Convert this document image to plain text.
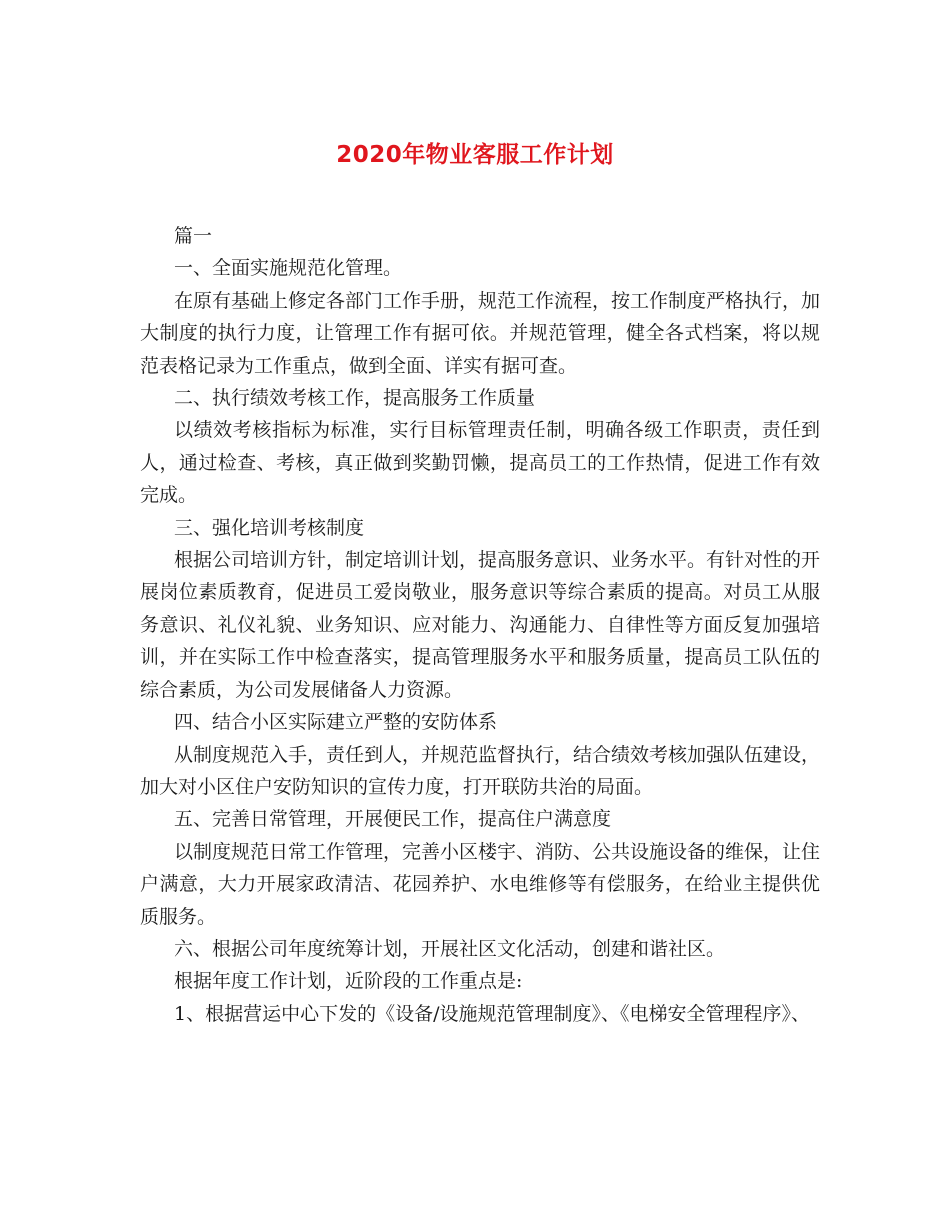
2020年物业客服工作计划

篇一

一、全面实施规范化管理。

在原有基础上修定各部门工作手册，规范工作流程，按工作制度严格执行，加大制度的执行力度，让管理工作有据可依。并规范管理，健全各式档案，将以规范表格记录为工作重点，做到全面、详实有据可查。

二、执行绩效考核工作，提高服务工作质量

以绩效考核指标为标准，实行目标管理责任制，明确各级工作职责，责任到人，通过检查、考核，真正做到奖勤罚懒，提高员工的工作热情，促进工作有效完成。

三、强化培训考核制度

根据公司培训方针，制定培训计划，提高服务意识、业务水平。有针对性的开展岗位素质教育，促进员工爱岗敬业，服务意识等综合素质的提高。对员工从服务意识、礼仪礼貌、业务知识、应对能力、沟通能力、自律性等方面反复加强培训，并在实际工作中检查落实，提高管理服务水平和服务质量，提高员工队伍的综合素质，为公司发展储备人力资源。

四、结合小区实际建立严整的安防体系

从制度规范入手，责任到人，并规范监督执行，结合绩效考核加强队伍建设，加大对小区住户安防知识的宣传力度，打开联防共治的局面。

五、完善日常管理，开展便民工作，提高住户满意度

以制度规范日常工作管理，完善小区楼宇、消防、公共设施设备的维保，让住户满意，大力开展家政清洁、花园养护、水电维修等有偿服务，在给业主提供优质服务。

六、根据公司年度统筹计划，开展社区文化活动，创建和谐社区。

根据年度工作计划，近阶段的工作重点是:

1、根据营运中心下发的《设备/设施规范管理制度》、《电梯安全管理程序》、
